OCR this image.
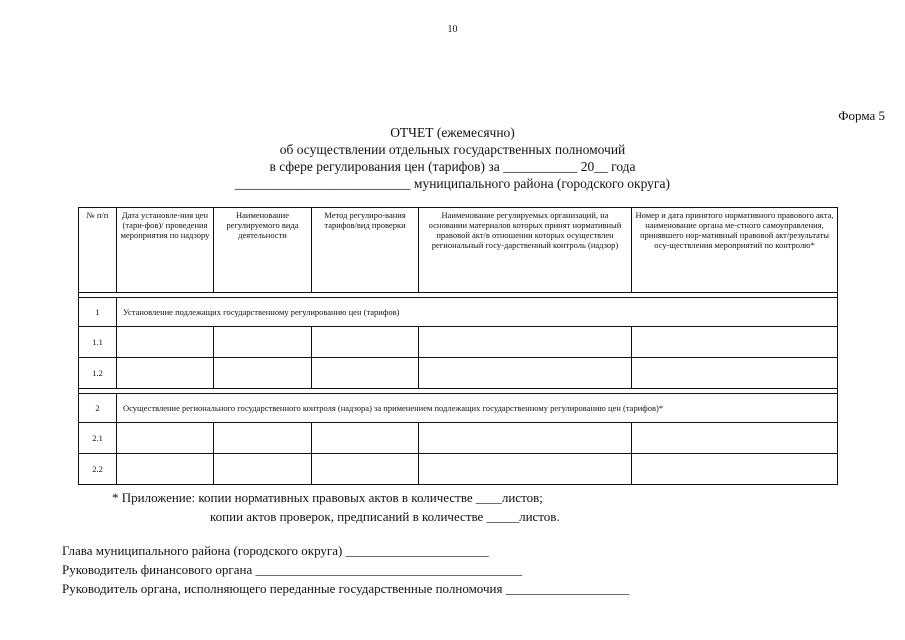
10
Форма 5
ОТЧЕТ (ежемесячно)
об осуществлении отдельных государственных полномочий
в сфере регулирования цен (тарифов) за ___________ 20__ года
__________________________ муниципального района (городского округа)
№ п/п	Дата установле-ния цен (тари-фов)/ проведения мероприятия по надзору	Наименование регулируемого вида деятельности	Метод регулиро-вания тарифов/вид проверки	Наименование регулируемых организаций, на основании материалов которых принят нормативный правовой акт/в отношении которых осуществлен региональный госу-дарственный контроль (надзор)	Номер и дата принятого нормативного правового акта, наименование органа ме-стного самоуправления, принявшего нор-мативный правовой акт/результаты осу-ществления мероприятий по контролю*

1	Установление подлежащих государственному регулированию цен (тарифов)				
1.1					
1.2					

2	Осуществление регионального государственного контроля (надзора) за применением подлежащих государственному регулированию цен (тарифов)*				
2.1					
2.2					
* Приложение: копии нормативных правовых актов в количестве ____листов;
копии актов проверок, предписаний в количестве _____листов.
Глава муниципального района (городского округа) ______________________
Руководитель финансового органа _________________________________________
Руководитель органа, исполняющего переданные государственные полномочия ___________________
